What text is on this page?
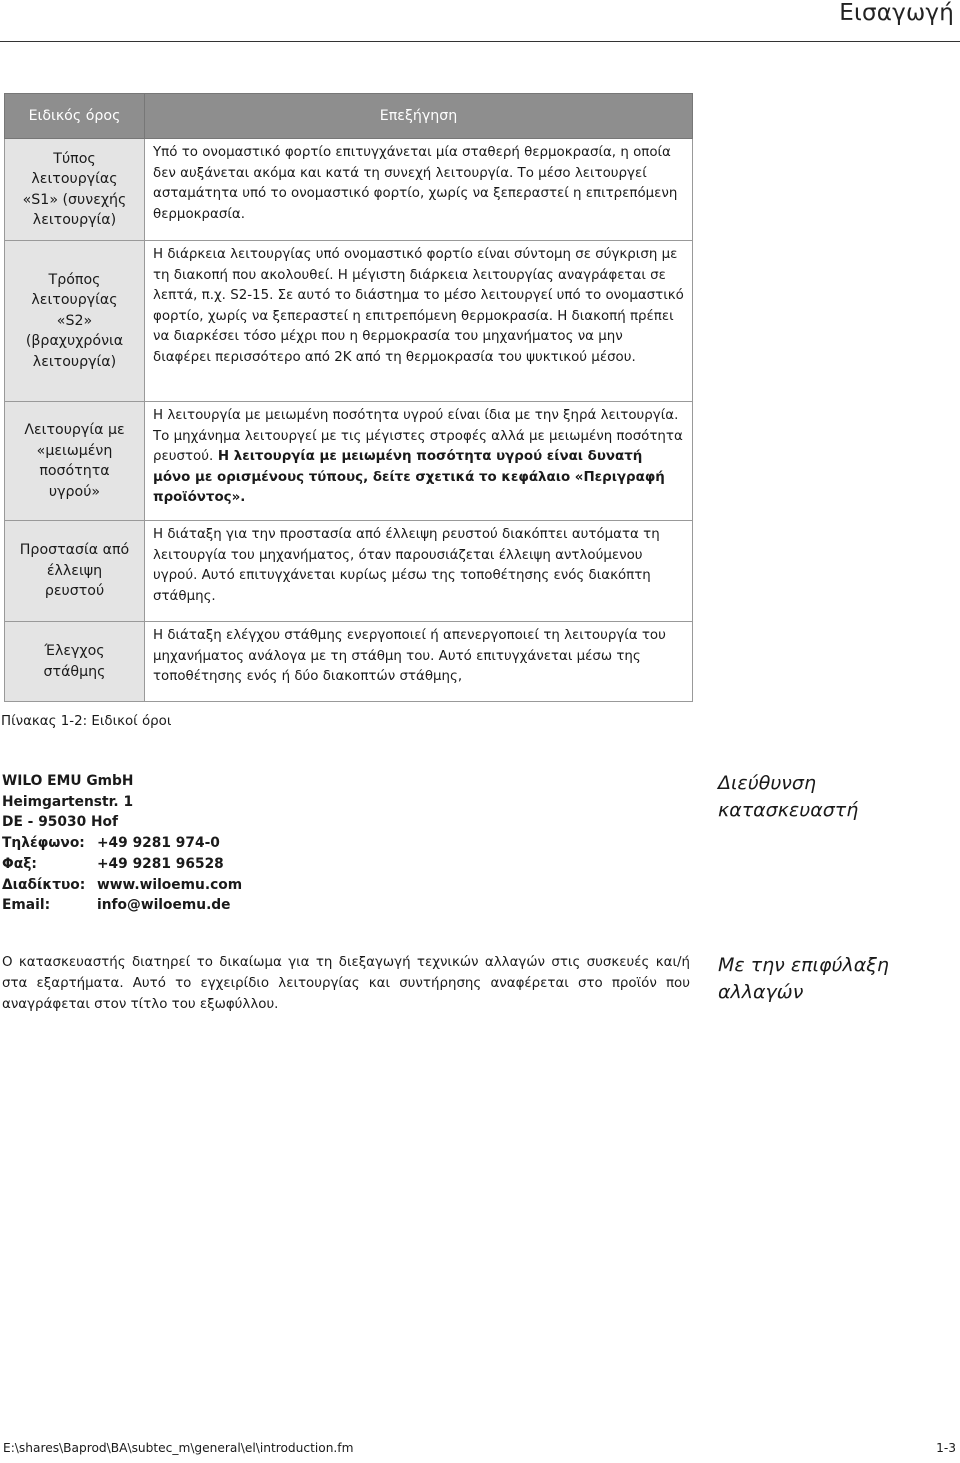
Εισαγωγή
Ειδικός όρος	Επεξήγηση
Τύπος λειτουργίας «S1» (συνεχής λειτουργία)	Υπό το ονομαστικό φορτίο επιτυγχάνεται μία σταθερή θερμοκρασία, η οποία δεν αυξάνεται ακόμα και κατά τη συνεχή λειτουργία. Το μέσο λειτουργεί ασταμάτητα υπό το ονομαστικό φορτίο, χωρίς να ξεπεραστεί η επιτρεπόμενη θερμοκρασία.
Τρόπος λειτουργίας «S2» (βραχυχρόνια λειτουργία)	Η διάρκεια λειτουργίας υπό ονομαστικό φορτίο είναι σύντομη σε σύγκριση με τη διακοπή που ακολουθεί. Η μέγιστη διάρκεια λειτουργίας αναγράφεται σε λεπτά, π.χ. S2-15. Σε αυτό το διάστημα το μέσο λειτουργεί υπό το ονομαστικό φορτίο, χωρίς να ξεπεραστεί η επιτρεπόμενη θερμοκρασία. Η διακοπή πρέπει να διαρκέσει τόσο μέχρι που η θερμοκρασία του μηχανήματος να μην διαφέρει περισσότερο από 2K από τη θερμοκρασία του ψυκτικού μέσου.
Λειτουργία με «μειωμένη ποσότητα υγρού»	Η λειτουργία με μειωμένη ποσότητα υγρού είναι ίδια με την ξηρά λειτουργία. Το μηχάνημα λειτουργεί με τις μέγιστες στροφές αλλά με μειωμένη ποσότητα ρευστού. Η λειτουργία με μειωμένη ποσότητα υγρού είναι δυνατή μόνο με ορισμένους τύπους, δείτε σχετικά το κεφάλαιο «Περιγραφή προϊόντος».
Προστασία από έλλειψη ρευστού	Η διάταξη για την προστασία από έλλειψη ρευστού διακόπτει αυτόματα τη λειτουργία του μηχανήματος, όταν παρουσιάζεται έλλειψη αντλούμενου υγρού. Αυτό επιτυγχάνεται κυρίως μέσω της τοποθέτησης ενός διακόπτη στάθμης.
Έλεγχος στάθμης	Η διάταξη ελέγχου στάθμης ενεργοποιεί ή απενεργοποιεί τη λειτουργία του μηχανήματος ανάλογα με τη στάθμη του. Αυτό επιτυγχάνεται μέσω της τοποθέτησης ενός ή δύο διακοπτών στάθμης,
Πίνακας 1-2: Ειδικοί όροι
WILO EMU GmbH
Heimgartenstr. 1
DE - 95030 Hof
Τηλέφωνο: +49 9281 974-0
Φαξ:	+49 9281 96528
Διαδίκτυο: www.wiloemu.com
Email:	info@wiloemu.de
Διεύθυνση κατασκευαστή
Ο κατασκευαστής διατηρεί το δικαίωμα για τη διεξαγωγή τεχνικών αλλαγών στις συσκευές και/ή στα εξαρτήματα. Αυτό το εγχειρίδιο λειτουργίας και συντήρησης αναφέρεται στο προϊόν που αναγράφεται στον τίτλο του εξωφύλλου.
Με την επιφύλαξη αλλαγών
E:\shares\Baprod\BA\subtec_m\general\el\introduction.fm	1-3
